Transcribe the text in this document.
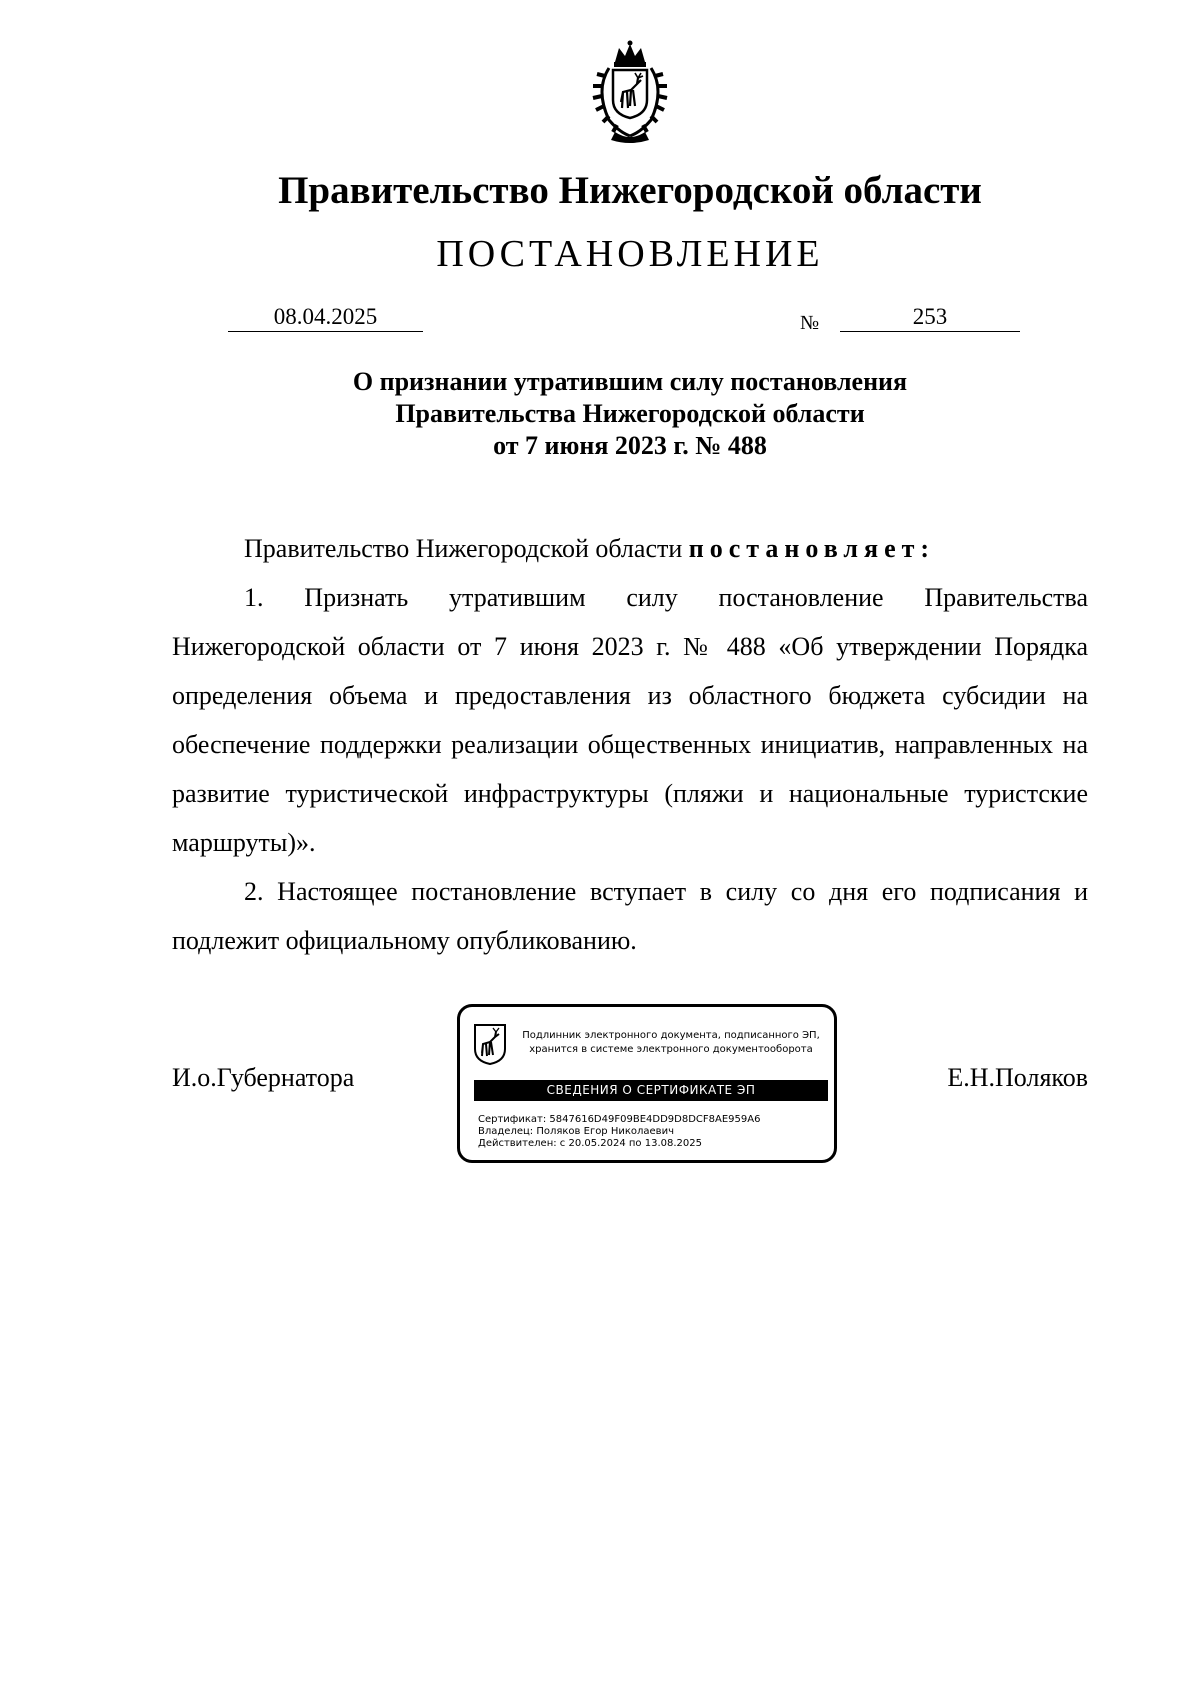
Правительство Нижегородской области
ПОСТАНОВЛЕНИЕ
08.04.2025	№	253
О признании утратившим силу постановления
Правительства Нижегородской области
от 7 июня 2023 г. № 488
Правительство Нижегородской области постановляет:
1. Признать утратившим силу постановление Правительства Нижегородской области от 7 июня 2023 г. № 488 «Об утверждении Порядка определения объема и предоставления из областного бюджета субсидии на обеспечение поддержки реализации общественных инициатив, направленных на развитие туристической инфраструктуры (пляжи и национальные туристские маршруты)».
2. Настоящее постановление вступает в силу со дня его подписания и подлежит официальному опубликованию.
И.о.Губернатора	Е.Н.Поляков
Подлинник электронного документа, подписанного ЭП,
хранится в системе электронного документооборота
СВЕДЕНИЯ О СЕРТИФИКАТЕ ЭП
Сертификат: 5847616D49F09BE4DD9D8DCF8AE959A6
Владелец: Поляков Егор Николаевич
Действителен: с 20.05.2024 по 13.08.2025
